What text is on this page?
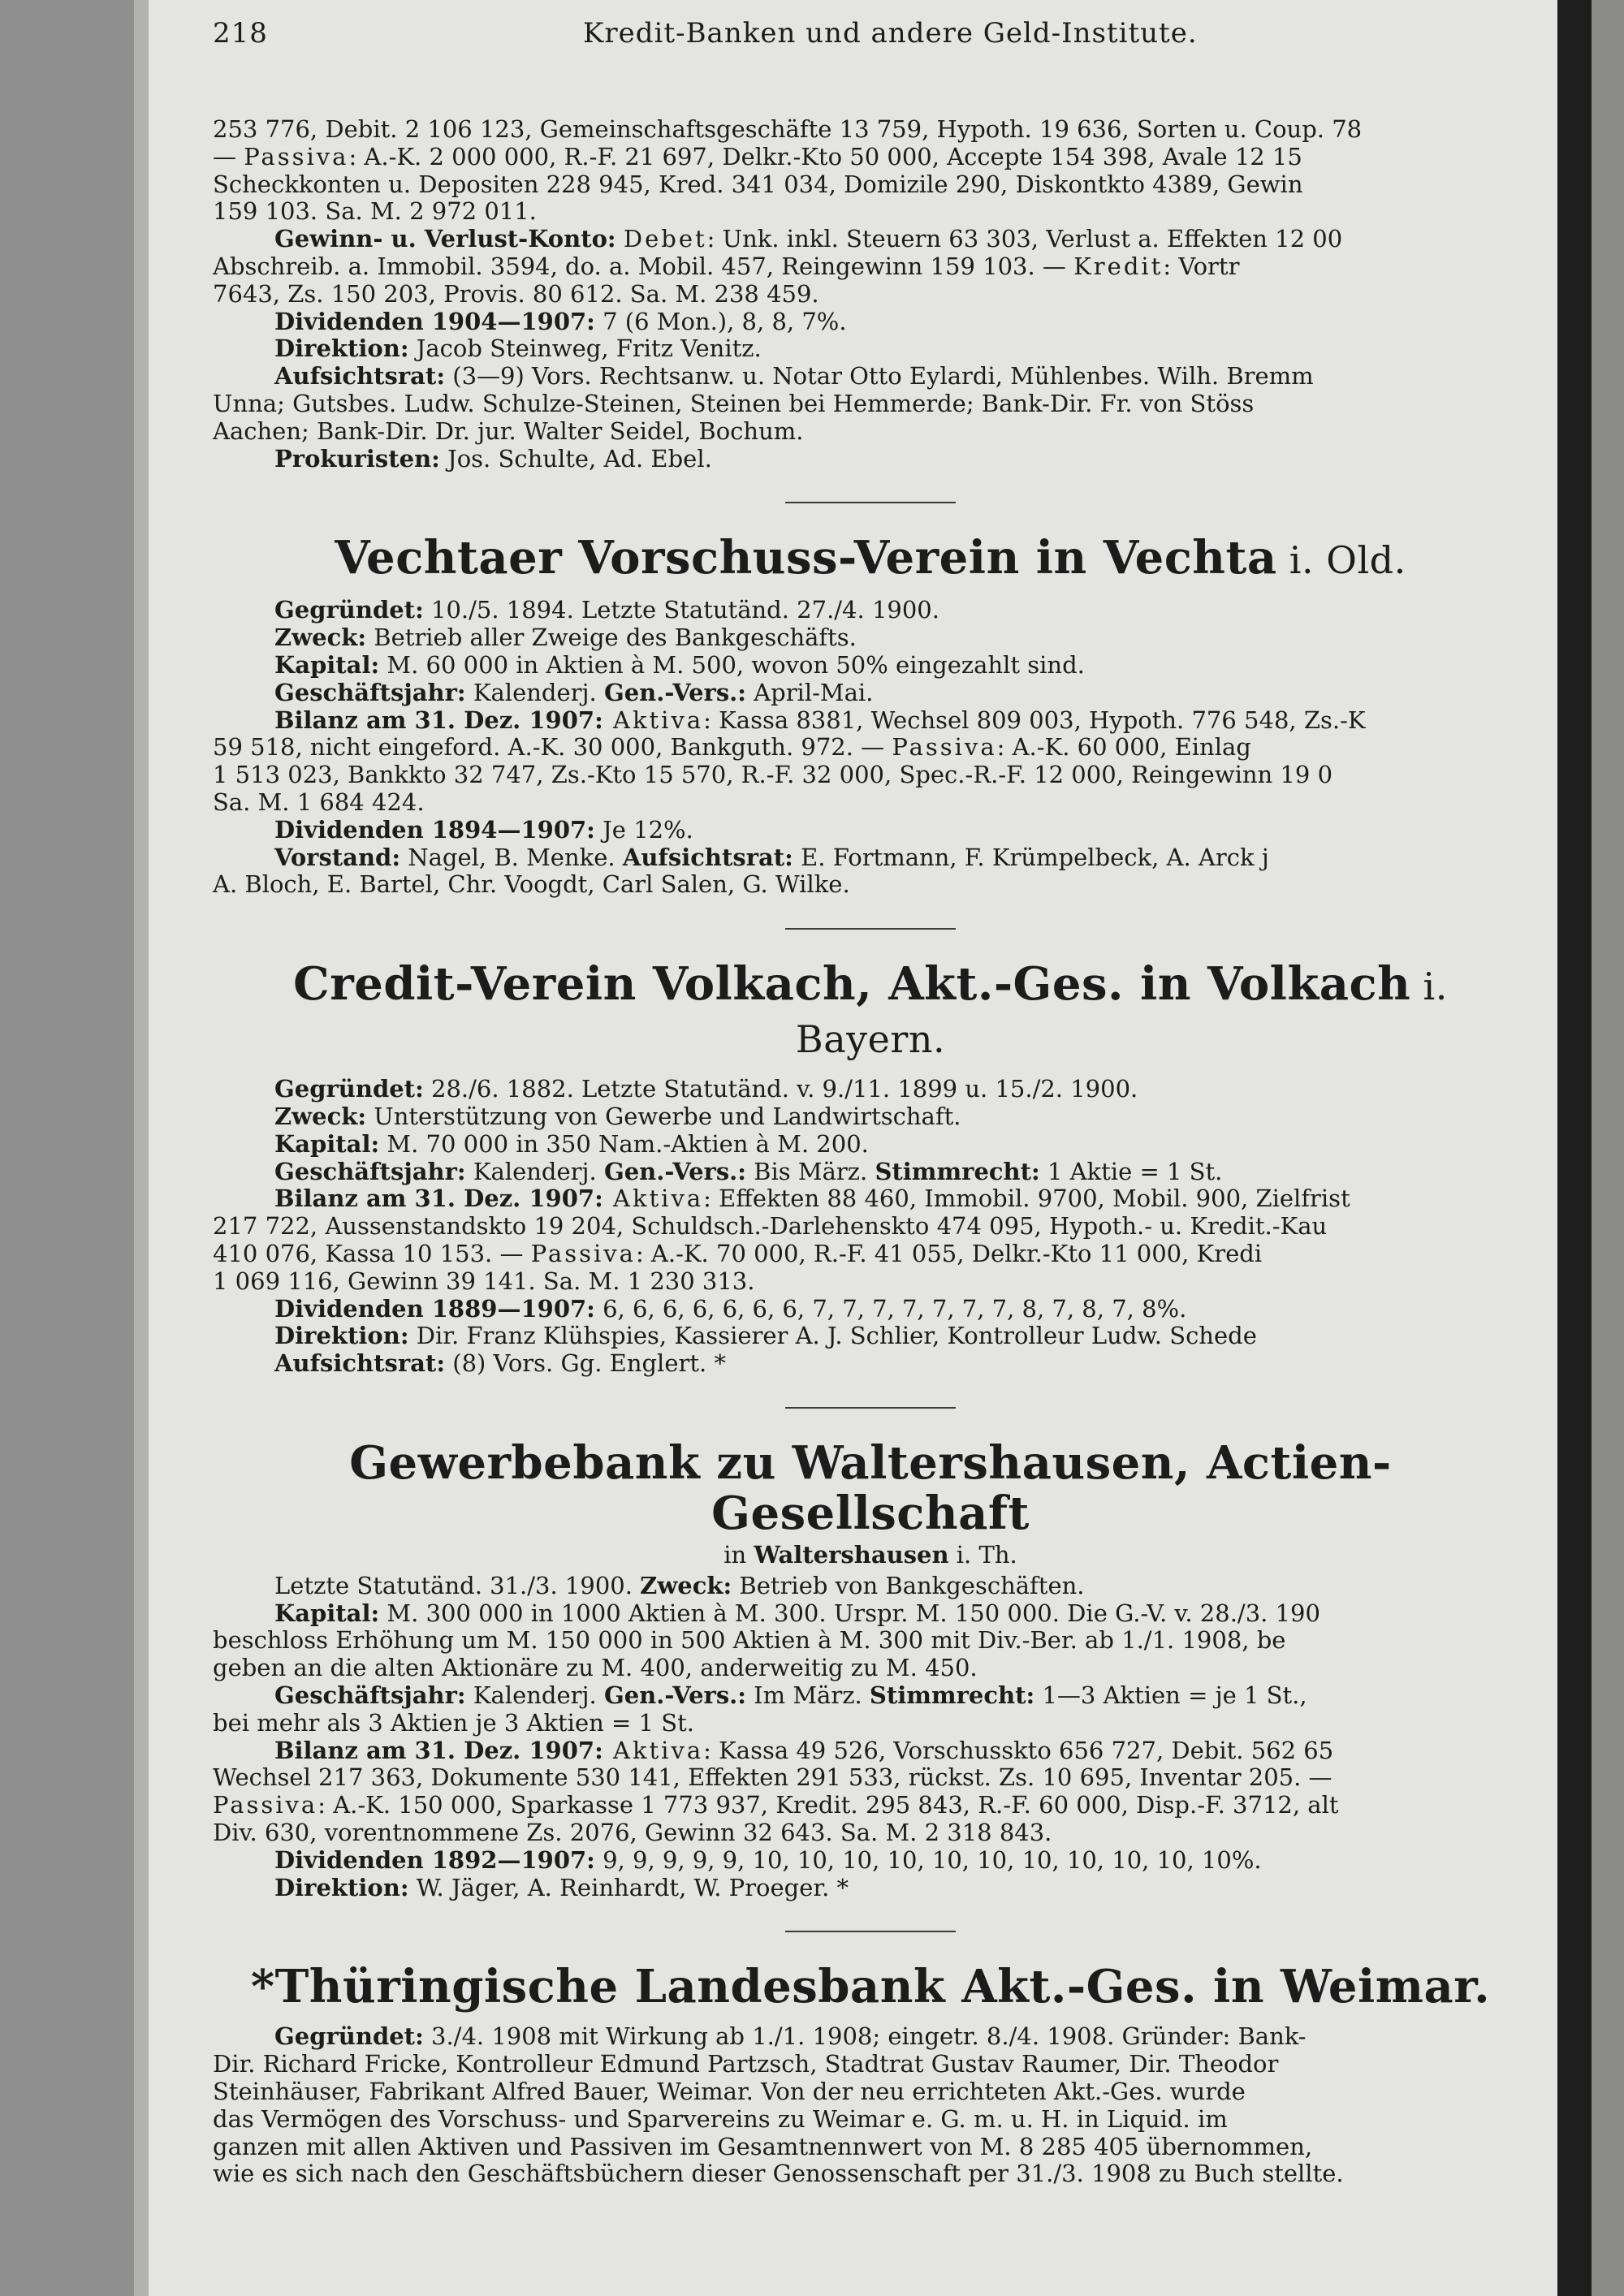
218	Kredit-Banken und andere Geld-Institute.

253 776, Debit. 2 106 123, Gemeinschaftsgeschäfte 13 759, Hypoth. 19 636, Sorten u. Coup. 78

— Passiva: A.-K. 2 000 000, R.-F. 21 697, Delkr.-Kto 50 000, Accepte 154 398, Avale 12 15

Scheckkonten u. Depositen 228 945, Kred. 341 034, Domizile 290, Diskontkto 4389, Gewin

159 103. Sa. M. 2 972 011.

Gewinn- u. Verlust-Konto: Debet: Unk. inkl. Steuern 63 303, Verlust a. Effekten 12 00

Abschreib. a. Immobil. 3594, do. a. Mobil. 457, Reingewinn 159 103. — Kredit: Vortr

7643, Zs. 150 203, Provis. 80 612. Sa. M. 238 459.

Dividenden 1904—1907: 7 (6 Mon.), 8, 8, 7%.

Direktion: Jacob Steinweg, Fritz Venitz.

Aufsichtsrat: (3—9) Vors. Rechtsanw. u. Notar Otto Eylardi, Mühlenbes. Wilh. Bremm

Unna; Gutsbes. Ludw. Schulze-Steinen, Steinen bei Hemmerde; Bank-Dir. Fr. von Stöss

Aachen; Bank-Dir. Dr. jur. Walter Seidel, Bochum.

Prokuristen: Jos. Schulte, Ad. Ebel.

Vechtaer Vorschuss-Verein in Vechta i. Old.

Gegründet: 10./5. 1894. Letzte Statutänd. 27./4. 1900.

Zweck: Betrieb aller Zweige des Bankgeschäfts.

Kapital: M. 60 000 in Aktien à M. 500, wovon 50% eingezahlt sind.

Geschäftsjahr: Kalenderj. Gen.-Vers.: April-Mai.

Bilanz am 31. Dez. 1907: Aktiva: Kassa 8381, Wechsel 809 003, Hypoth. 776 548, Zs.-K

59 518, nicht eingeford. A.-K. 30 000, Bankguth. 972. — Passiva: A.-K. 60 000, Einlag

1 513 023, Bankkto 32 747, Zs.-Kto 15 570, R.-F. 32 000, Spec.-R.-F. 12 000, Reingewinn 19 0

Sa. M. 1 684 424.

Dividenden 1894—1907: Je 12%.

Vorstand: Nagel, B. Menke. Aufsichtsrat: E. Fortmann, F. Krümpelbeck, A. Arck j

A. Bloch, E. Bartel, Chr. Voogdt, Carl Salen, G. Wilke.

Credit-Verein Volkach, Akt.-Ges. in Volkach i. Bayern.

Gegründet: 28./6. 1882. Letzte Statutänd. v. 9./11. 1899 u. 15./2. 1900.

Zweck: Unterstützung von Gewerbe und Landwirtschaft.

Kapital: M. 70 000 in 350 Nam.-Aktien à M. 200.

Geschäftsjahr: Kalenderj. Gen.-Vers.: Bis März. Stimmrecht: 1 Aktie = 1 St.

Bilanz am 31. Dez. 1907: Aktiva: Effekten 88 460, Immobil. 9700, Mobil. 900, Zielfrist

217 722, Aussenstandskto 19 204, Schuldsch.-Darlehenskto 474 095, Hypoth.- u. Kredit.-Kau

410 076, Kassa 10 153. — Passiva: A.-K. 70 000, R.-F. 41 055, Delkr.-Kto 11 000, Kredi

1 069 116, Gewinn 39 141. Sa. M. 1 230 313.

Dividenden 1889—1907: 6, 6, 6, 6, 6, 6, 6, 7, 7, 7, 7, 7, 7, 7, 8, 7, 8, 7, 8%.

Direktion: Dir. Franz Klühspies, Kassierer A. J. Schlier, Kontrolleur Ludw. Schede

Aufsichtsrat: (8) Vors. Gg. Englert. *

Gewerbebank zu Waltershausen, Actien-Gesellschaft
in Waltershausen i. Th.

Letzte Statutänd. 31./3. 1900. Zweck: Betrieb von Bankgeschäften.

Kapital: M. 300 000 in 1000 Aktien à M. 300. Urspr. M. 150 000. Die G.-V. v. 28./3. 190

beschloss Erhöhung um M. 150 000 in 500 Aktien à M. 300 mit Div.-Ber. ab 1./1. 1908, be

geben an die alten Aktionäre zu M. 400, anderweitig zu M. 450.

Geschäftsjahr: Kalenderj. Gen.-Vers.: Im März. Stimmrecht: 1—3 Aktien = je 1 St.,

bei mehr als 3 Aktien je 3 Aktien = 1 St.

Bilanz am 31. Dez. 1907: Aktiva: Kassa 49 526, Vorschusskto 656 727, Debit. 562 65

Wechsel 217 363, Dokumente 530 141, Effekten 291 533, rückst. Zs. 10 695, Inventar 205. —

Passiva: A.-K. 150 000, Sparkasse 1 773 937, Kredit. 295 843, R.-F. 60 000, Disp.-F. 3712, alt

Div. 630, vorentnommene Zs. 2076, Gewinn 32 643. Sa. M. 2 318 843.

Dividenden 1892—1907: 9, 9, 9, 9, 9, 10, 10, 10, 10, 10, 10, 10, 10, 10, 10, 10%.

Direktion: W. Jäger, A. Reinhardt, W. Proeger. *

*Thüringische Landesbank Akt.-Ges. in Weimar.

Gegründet: 3./4. 1908 mit Wirkung ab 1./1. 1908; eingetr. 8./4. 1908. Gründer: Bank-

Dir. Richard Fricke, Kontrolleur Edmund Partzsch, Stadtrat Gustav Raumer, Dir. Theodor

Steinhäuser, Fabrikant Alfred Bauer, Weimar. Von der neu errichteten Akt.-Ges. wurde

das Vermögen des Vorschuss- und Sparvereins zu Weimar e. G. m. u. H. in Liquid. im

ganzen mit allen Aktiven und Passiven im Gesamtnennwert von M. 8 285 405 übernommen,

wie es sich nach den Geschäftsbüchern dieser Genossenschaft per 31./3. 1908 zu Buch stellte.
